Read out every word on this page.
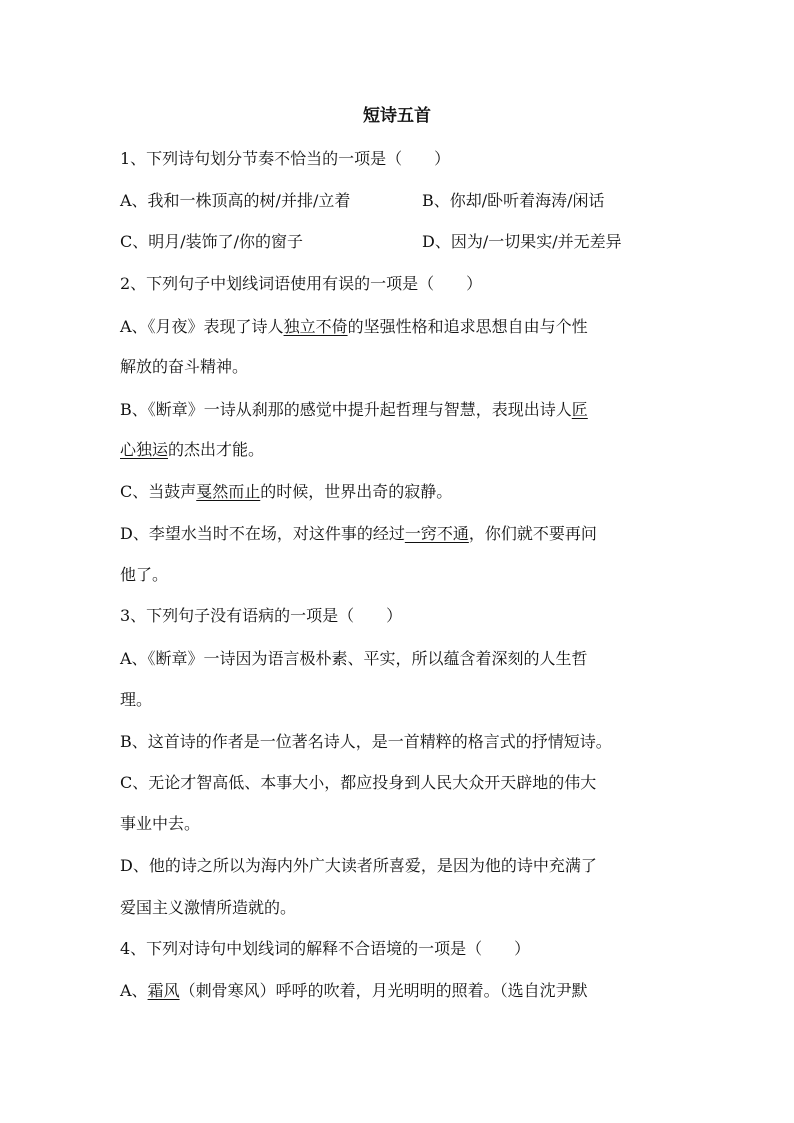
短诗五首
1、下列诗句划分节奏不恰当的一项是（　　）
A、我和一株顶高的树/并排/立着	B、你却/卧听着海涛/闲话
C、明月/装饰了/你的窗子	D、因为/一切果实/并无差异
2、下列句子中划线词语使用有误的一项是（　　）
A、《月夜》表现了诗人独立不倚的坚强性格和追求思想自由与个性
解放的奋斗精神。
B、《断章》一诗从刹那的感觉中提升起哲理与智慧，表现出诗人匠
心独运的杰出才能。
C、当鼓声戛然而止的时候，世界出奇的寂静。
D、李望水当时不在场，对这件事的经过一窍不通，你们就不要再问
他了。
3、下列句子没有语病的一项是（　　）
A、《断章》一诗因为语言极朴素、平实，所以蕴含着深刻的人生哲
理。
B、这首诗的作者是一位著名诗人，是一首精粹的格言式的抒情短诗。
C、无论才智高低、本事大小，都应投身到人民大众开天辟地的伟大
事业中去。
D、他的诗之所以为海内外广大读者所喜爱，是因为他的诗中充满了
爱国主义激情所造就的。
4、下列对诗句中划线词的解释不合语境的一项是（　　）
A、霜风（刺骨寒风）呼呼的吹着，月光明明的照着。（选自沈尹默
